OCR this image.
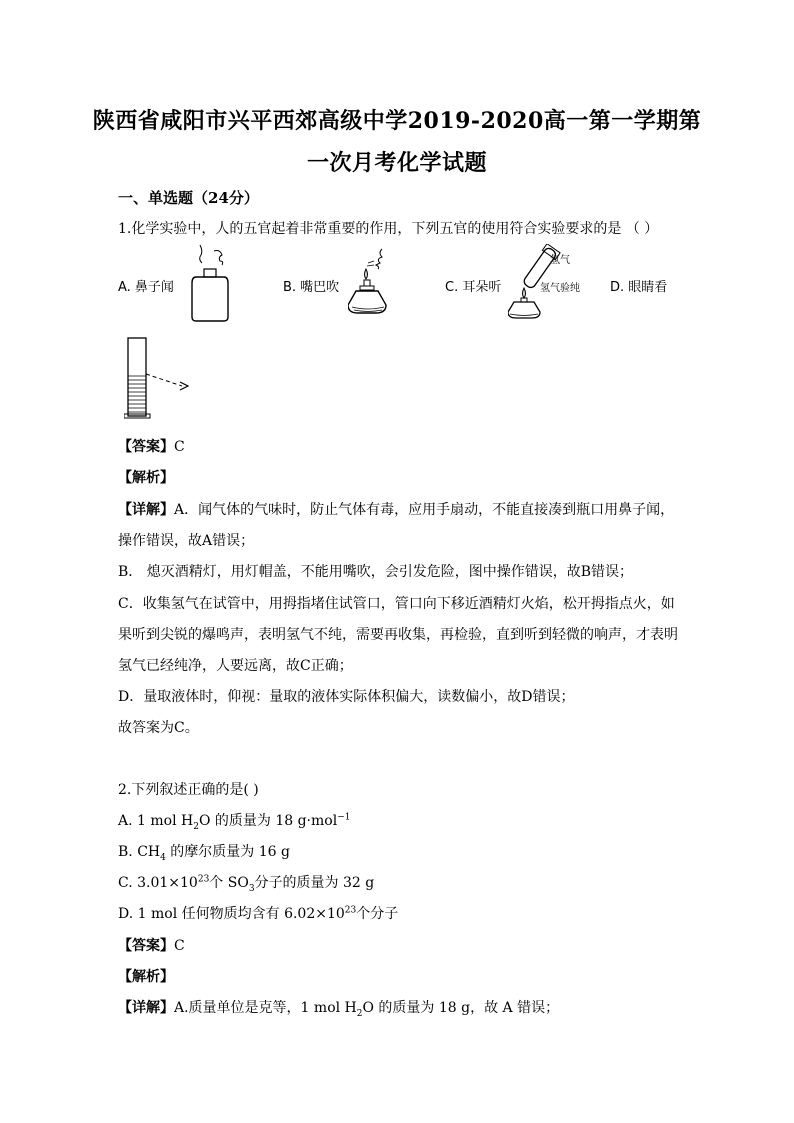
陕西省咸阳市兴平西郊高级中学2019-2020高一第一学期第
一次月考化学试题
一、单选题（24分）
1.化学实验中，人的五官起着非常重要的作用，下列五官的使用符合实验要求的是 （ ）
A. 鼻子闻	B. 嘴巴吹	C. 耳朵听	D. 眼睛看
氢气
氢气验纯
【答案】C
【解析】
【详解】A．闻气体的气味时，防止气体有毒，应用手扇动，不能直接凑到瓶口用鼻子闻，
操作错误，故A错误；
B． 熄灭酒精灯，用灯帽盖，不能用嘴吹，会引发危险，图中操作错误，故B错误；
C．收集氢气在试管中，用拇指堵住试管口，管口向下移近酒精灯火焰，松开拇指点火，如
果听到尖锐的爆鸣声，表明氢气不纯，需要再收集，再检验，直到听到轻微的响声，才表明
氢气已经纯净，人要远离，故C正确；
D．量取液体时，仰视：量取的液体实际体积偏大，读数偏小，故D错误；
故答案为C。
2.下列叙述正确的是( )
A. 1 mol $H_2O$ 的质量为 18 g·mol$^{-1}$
B. $CH_4$ 的摩尔质量为 16 g
C. $3.01\times 10^{23}$个 $SO_3$分子的质量为 32 g
D. 1 mol 任何物质均含有 $6.02\times 10^{23}$个分子
【答案】C
【解析】
【详解】A.质量单位是克等，1 mol $H_2O$ 的质量为 18 g，故 A 错误；
